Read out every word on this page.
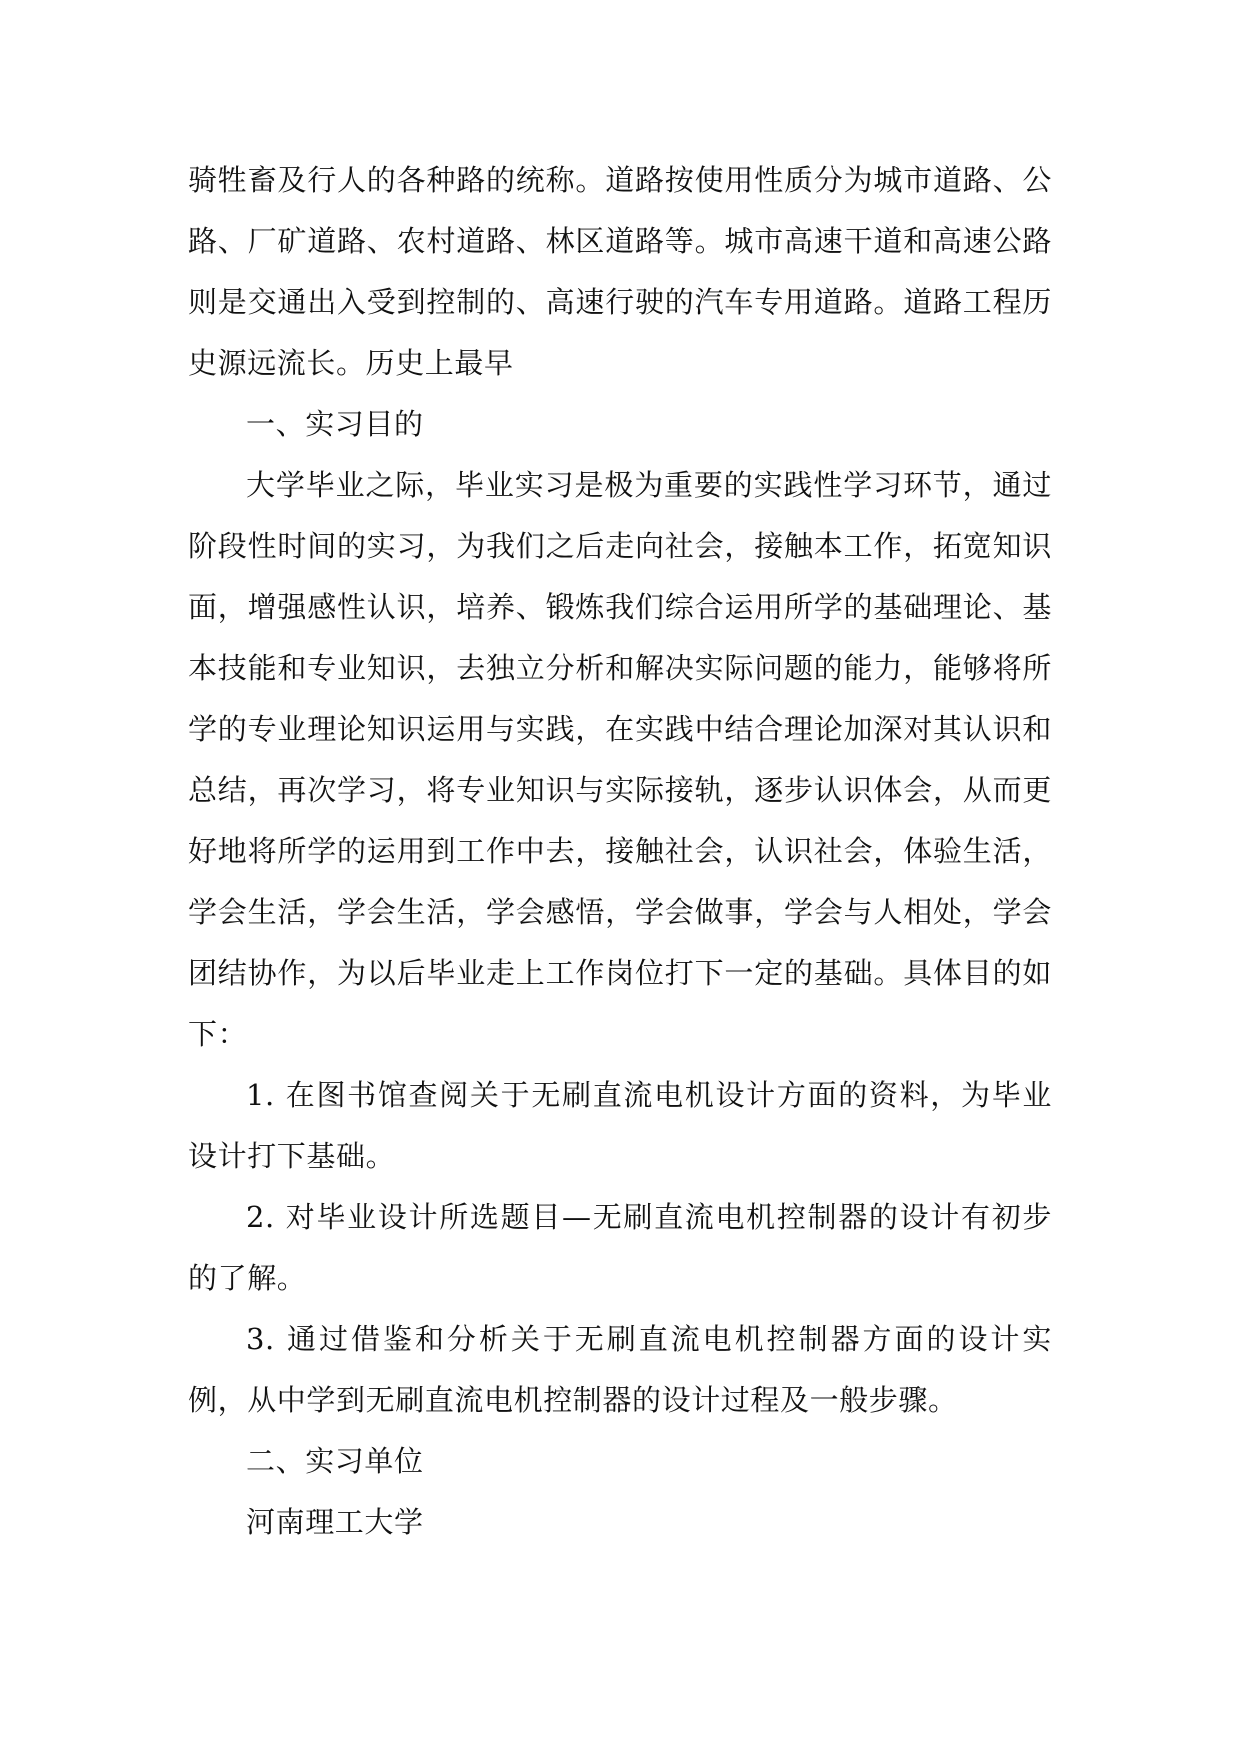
骑牲畜及行人的各种路的统称。道路按使用性质分为城市道路、公路、厂矿道路、农村道路、林区道路等。城市高速干道和高速公路则是交通出入受到控制的、高速行驶的汽车专用道路。道路工程历史源远流长。历史上最早

一、实习目的

大学毕业之际，毕业实习是极为重要的实践性学习环节，通过阶段性时间的实习，为我们之后走向社会，接触本工作，拓宽知识面，增强感性认识，培养、锻炼我们综合运用所学的基础理论、基本技能和专业知识，去独立分析和解决实际问题的能力，能够将所学的专业理论知识运用与实践，在实践中结合理论加深对其认识和总结，再次学习，将专业知识与实际接轨，逐步认识体会，从而更好地将所学的运用到工作中去，接触社会，认识社会，体验生活，学会生活，学会生活，学会感悟，学会做事，学会与人相处，学会团结协作，为以后毕业走上工作岗位打下一定的基础。具体目的如下：

1. 在图书馆查阅关于无刷直流电机设计方面的资料，为毕业设计打下基础。

2. 对毕业设计所选题目—无刷直流电机控制器的设计有初步的了解。

3. 通过借鉴和分析关于无刷直流电机控制器方面的设计实例，从中学到无刷直流电机控制器的设计过程及一般步骤。

二、实习单位

河南理工大学
